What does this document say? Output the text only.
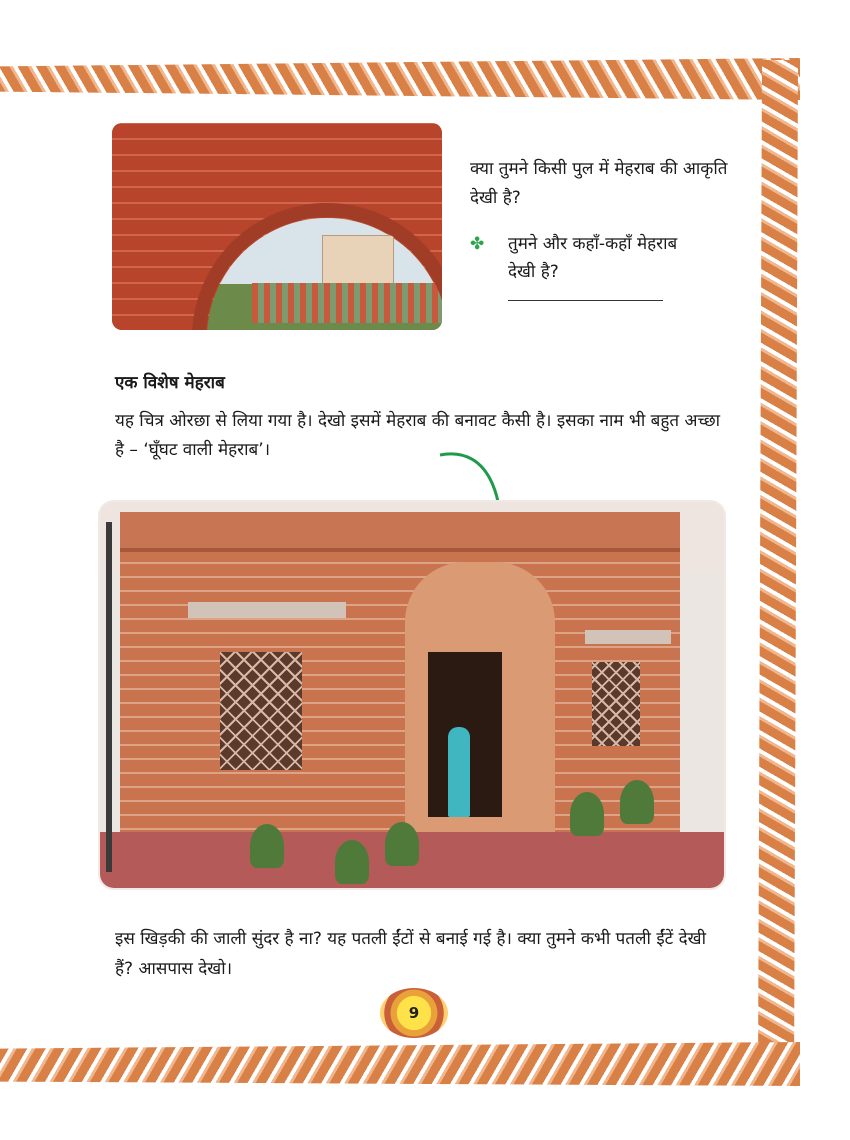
क्या तुमने किसी पुल में मेहराब की आकृति देखी है?
✤ तुमने और कहाँ-कहाँ मेहराब देखी है?
एक विशेष मेहराब
यह चित्र ओरछा से लिया गया है। देखो इसमें मेहराब की बनावट कैसी है। इसका नाम भी बहुत अच्छा है – ‘घूँघट वाली मेहराब’।
इस खिड़की की जाली सुंदर है ना? यह पतली ईंटों से बनाई गई है। क्या तुमने कभी पतली ईंटें देखी हैं? आसपास देखो।
9
